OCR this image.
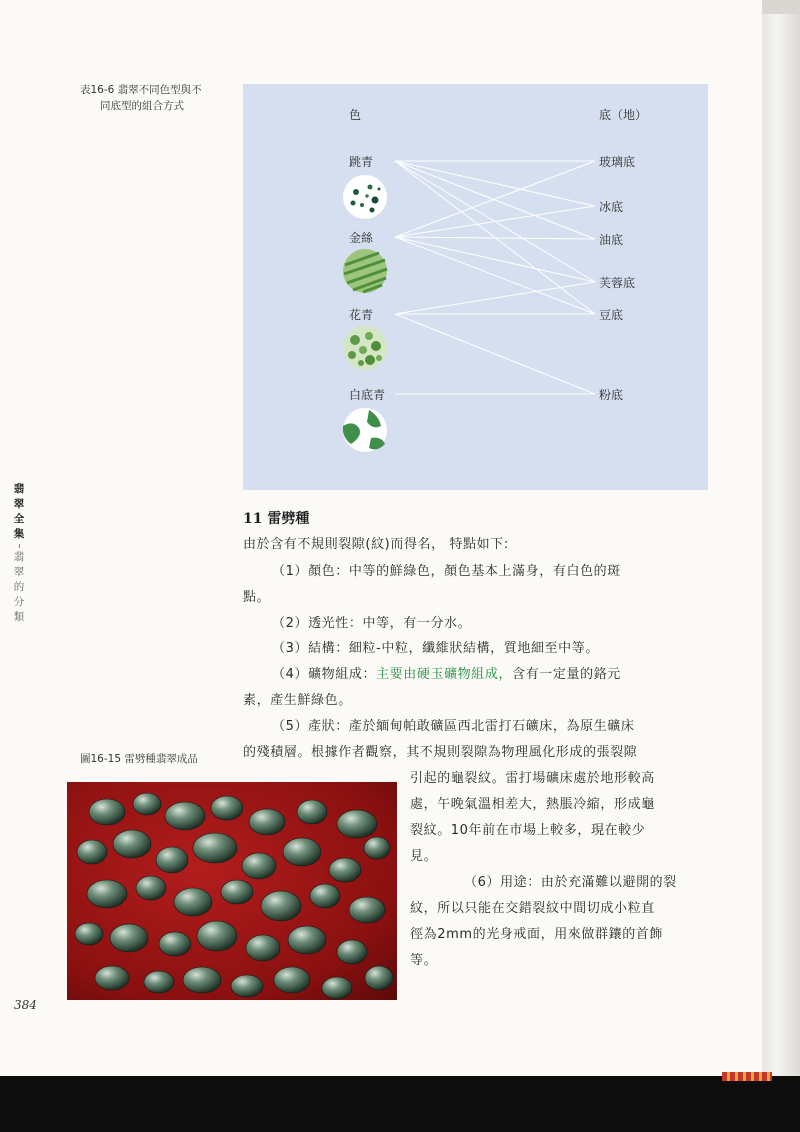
表16-6 翡翠不同色型與不
同底型的組合方式
色	底（地）
跳青
金絲
花青
白底青
玻璃底
冰底
油底
芙蓉底
豆底
粉底
翡翠全集
翡翠的分類
11 雷劈種
由於含有不規則裂隙(紋)而得名， 特點如下:
（1）顏色：中等的鮮綠色，顏色基本上滿身，有白色的斑
點。
（2）透光性：中等，有一分水。
（3）結構：細粒-中粒，纖維狀結構，質地細至中等。
（4）礦物組成：主要由硬玉礦物組成，含有一定量的鉻元
素，產生鮮綠色。
（5）產狀：產於緬甸帕敢礦區西北雷打石礦床，為原生礦床
的殘積層。根據作者觀察，其不規則裂隙為物理風化形成的張裂隙
引起的龜裂紋。雷打場礦床處於地形較高
處，午晚氣溫相差大，熱脹冷縮，形成龜
裂紋。10年前在市場上較多，現在較少
見。
（6）用途：由於充滿難以避開的裂
紋，所以只能在交錯裂紋中間切成小粒直
徑為2mm的光身戒面，用來做群鑲的首飾
等。
圖16-15 雷劈種翡翠成品
384
